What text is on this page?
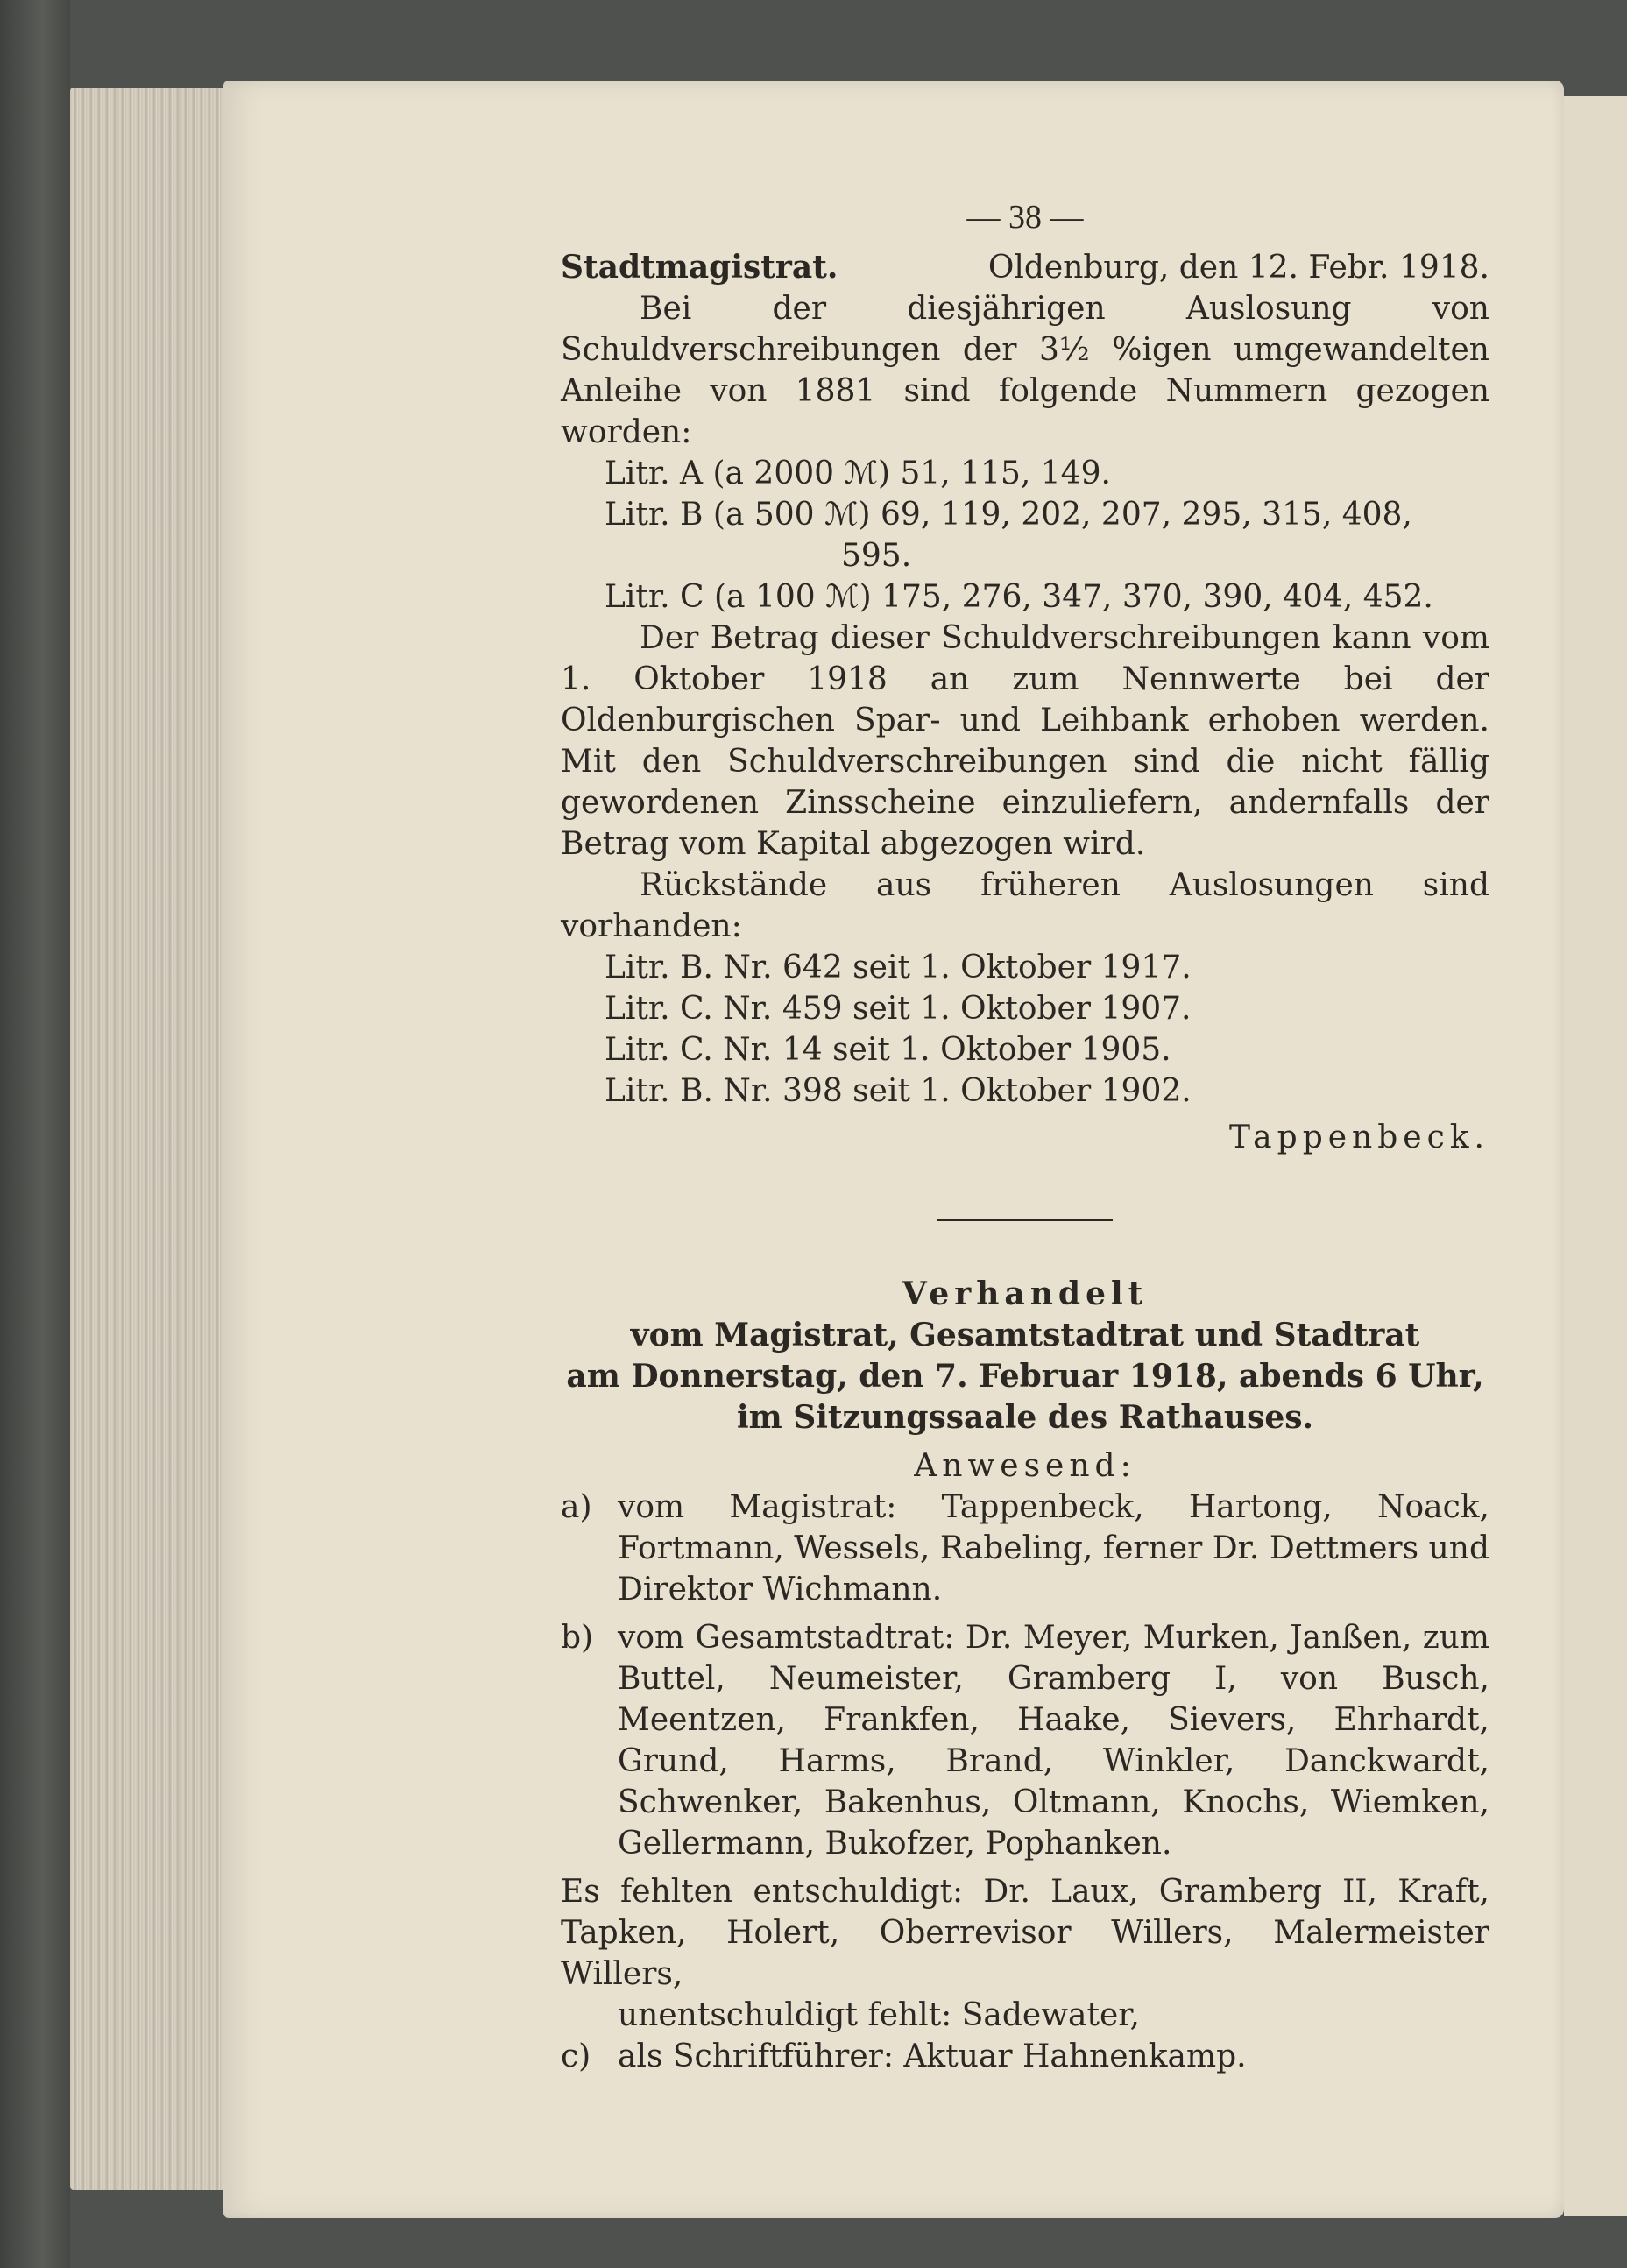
— 38 —
Stadtmagistrat.	Oldenburg, den 12. Febr. 1918.

Bei der diesjährigen Auslosung von Schuldverschreibungen der 3½ %igen umgewandelten Anleihe von 1881 sind folgende Nummern gezogen worden:

Litr. A (a 2000 ℳ) 51, 115, 149.

Litr. B (a 500 ℳ) 69, 119, 202, 207, 295, 315, 408,

595.

Litr. C (a 100 ℳ) 175, 276, 347, 370, 390, 404, 452.

Der Betrag dieser Schuldverschreibungen kann vom 1. Oktober 1918 an zum Nennwerte bei der Oldenburgischen Spar- und Leihbank erhoben werden. Mit den Schuldverschreibungen sind die nicht fällig gewordenen Zinsscheine einzuliefern, andernfalls der Betrag vom Kapital abgezogen wird.

Rückstände aus früheren Auslosungen sind vorhanden:

Litr. B. Nr. 642 seit 1. Oktober 1917.

Litr. C. Nr. 459 seit 1. Oktober 1907.

Litr. C. Nr. 14 seit 1. Oktober 1905.

Litr. B. Nr. 398 seit 1. Oktober 1902.

Tappenbeck.

Verhandelt

vom Magistrat, Gesamtstadtrat und Stadtrat

am Donnerstag, den 7. Februar 1918, abends 6 Uhr,

im Sitzungssaale des Rathauses.

Anwesend:

a) vom Magistrat: Tappenbeck, Hartong, Noack, Fortmann, Wessels, Rabeling, ferner Dr. Dettmers und Direktor Wichmann.
b) vom Gesamtstadtrat: Dr. Meyer, Murken, Janßen, zum Buttel, Neumeister, Gramberg I, von Busch, Meentzen, Frankfen, Haake, Sievers, Ehrhardt, Grund, Harms, Brand, Winkler, Danckwardt, Schwenker, Bakenhus, Oltmann, Knochs, Wiemken, Gellermann, Bukofzer, Pophanken.

Es fehlten entschuldigt: Dr. Laux, Gramberg II, Kraft, Tapken, Holert, Oberrevisor Willers, Malermeister Willers,

unentschuldigt fehlt: Sadewater,

c) als Schriftführer: Aktuar Hahnenkamp.
